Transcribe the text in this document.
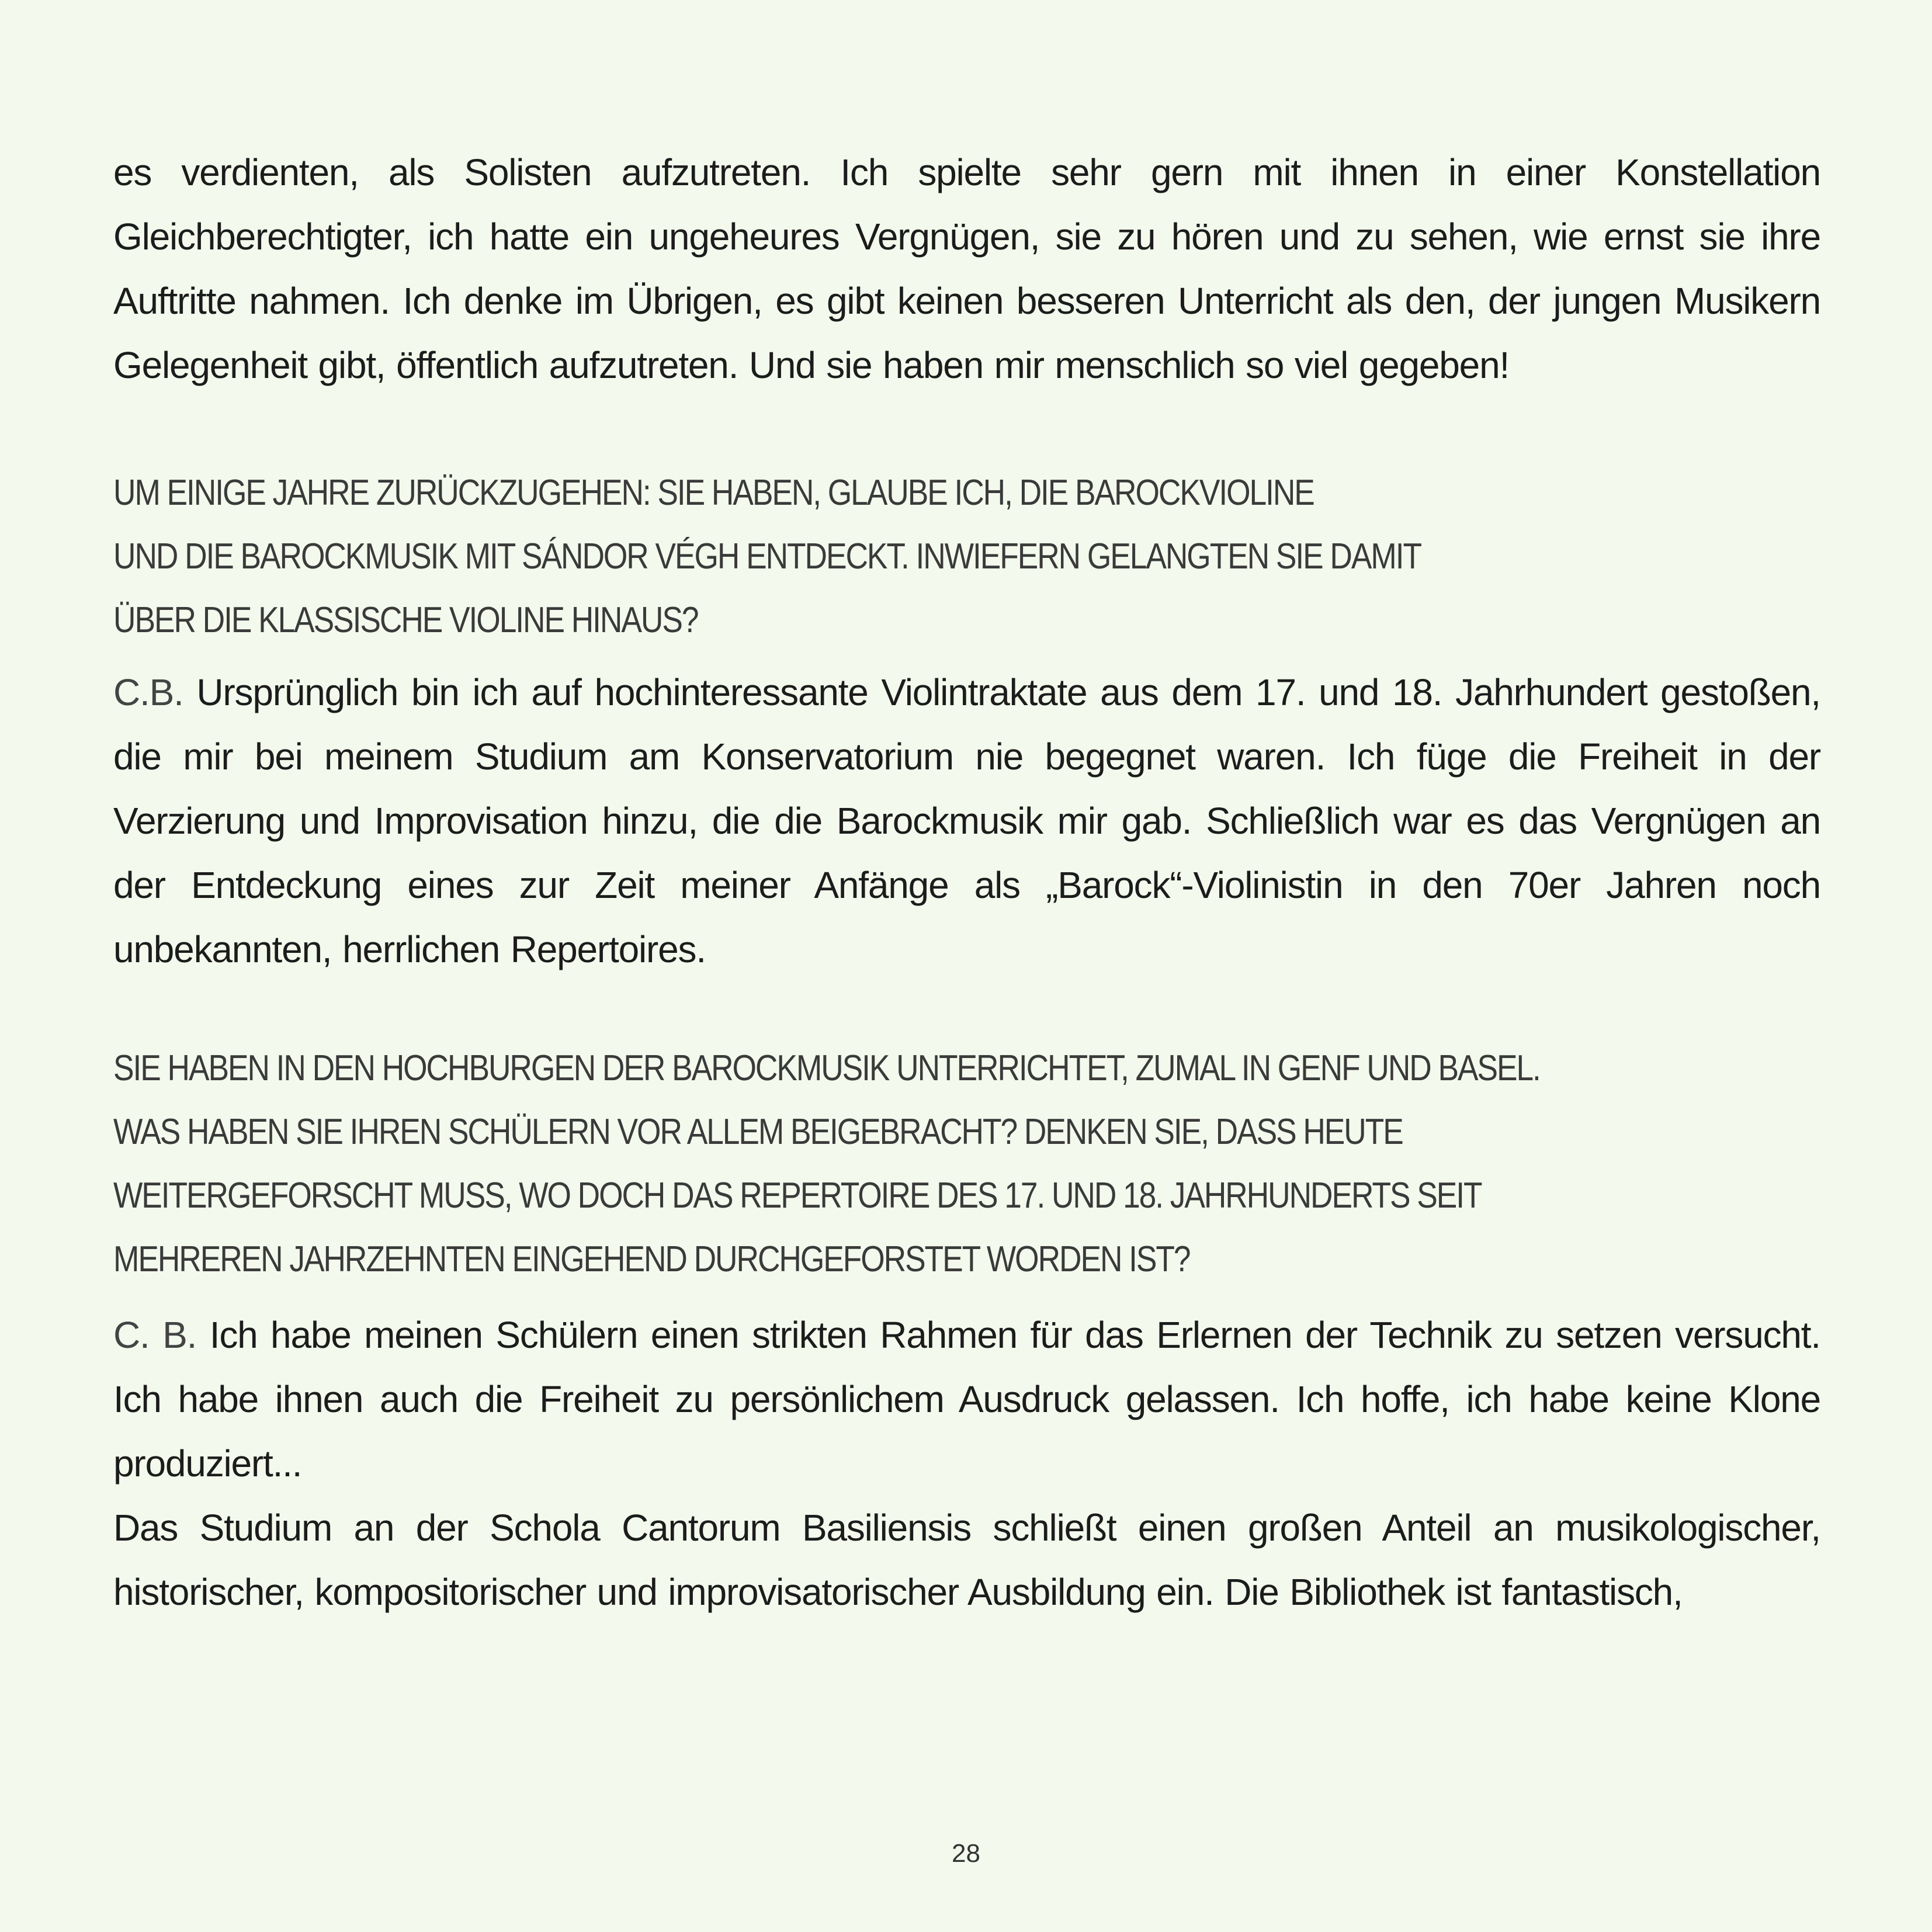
es verdienten, als Solisten aufzutreten. Ich spielte sehr gern mit ihnen in einer Konstellation Gleichberechtigter, ich hatte ein ungeheures Vergnügen, sie zu hören und zu sehen, wie ernst sie ihre Auftritte nahmen. Ich denke im Übrigen, es gibt keinen besseren Unterricht als den, der jungen Musikern Gelegenheit gibt, öffentlich aufzutreten. Und sie haben mir menschlich so viel gegeben!

UM EINIGE JAHRE ZURÜCKZUGEHEN: SIE HABEN, GLAUBE ICH, DIE BAROCKVIOLINE

UND DIE BAROCKMUSIK MIT SÁNDOR VÉGH ENTDECKT. INWIEFERN GELANGTEN SIE DAMIT

ÜBER DIE KLASSISCHE VIOLINE HINAUS?

C.B. Ursprünglich bin ich auf hochinteressante Violintraktate aus dem 17. und 18. Jahrhundert gestoßen, die mir bei meinem Studium am Konservatorium nie begegnet waren. Ich füge die Freiheit in der Verzierung und Improvisation hinzu, die die Barockmusik mir gab. Schließlich war es das Vergnügen an der Entdeckung eines zur Zeit meiner Anfänge als „Barock“-Violinistin in den 70er Jahren noch unbekannten, herrlichen Repertoires.

SIE HABEN IN DEN HOCHBURGEN DER BAROCKMUSIK UNTERRICHTET, ZUMAL IN GENF UND BASEL.

WAS HABEN SIE IHREN SCHÜLERN VOR ALLEM BEIGEBRACHT? DENKEN SIE, DASS HEUTE

WEITERGEFORSCHT MUSS, WO DOCH DAS REPERTOIRE DES 17. UND 18. JAHRHUNDERTS SEIT

MEHREREN JAHRZEHNTEN EINGEHEND DURCHGEFORSTET WORDEN IST?

C. B. Ich habe meinen Schülern einen strikten Rahmen für das Erlernen der Technik zu setzen versucht. Ich habe ihnen auch die Freiheit zu persönlichem Ausdruck gelassen. Ich hoffe, ich habe keine Klone produziert...

Das Studium an der Schola Cantorum Basiliensis schließt einen großen Anteil an musikologischer, historischer, kompositorischer und improvisatorischer Ausbildung ein. Die Bibliothek ist fantastisch,

28
